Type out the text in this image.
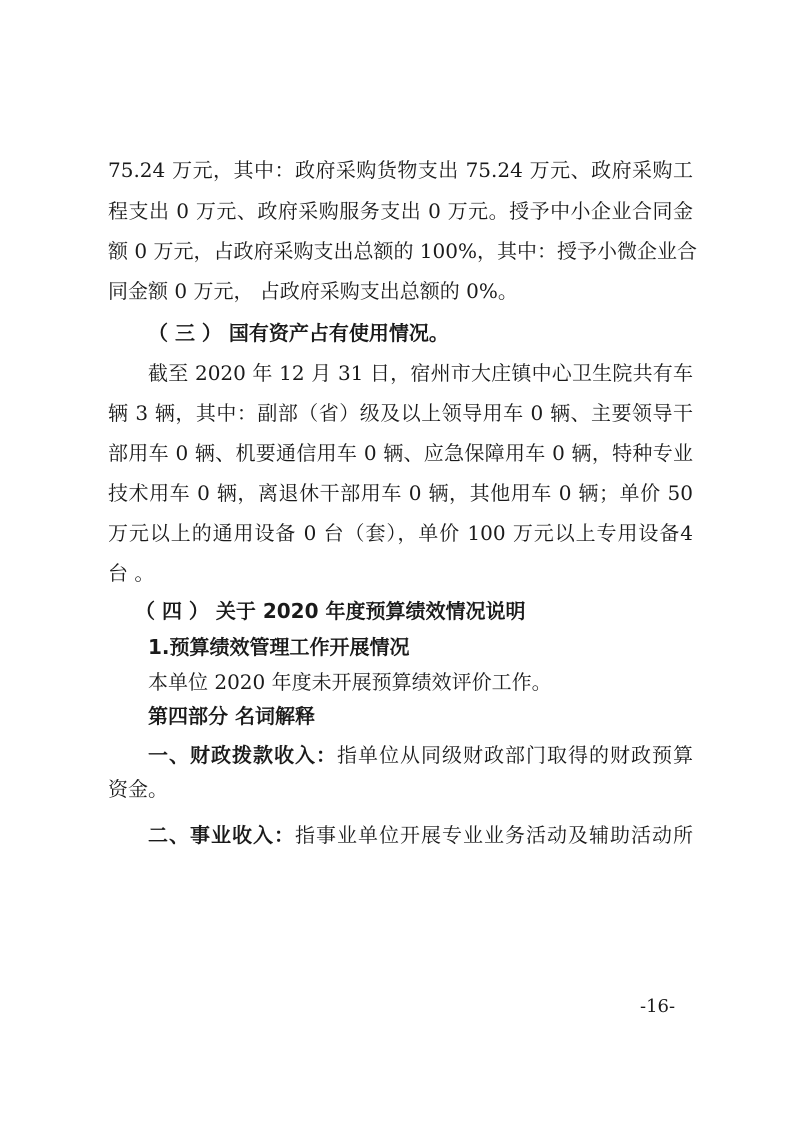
75.24 万元，其中：政府采购货物支出 75.24 万元、政府采购工
程支出 0 万元、政府采购服务支出 0 万元。授予中小企业合同金
额 0 万元，占政府采购支出总额的 100%，其中：授予小微企业合
同金额 0 万元， 占政府采购支出总额的 0%。
（ 三 ） 国有资产占有使用情况。
截至 2020 年 12 月 31 日，宿州市大庄镇中心卫生院共有车
辆 3 辆，其中：副部（省）级及以上领导用车 0 辆、主要领导干
部用车 0 辆、机要通信用车 0 辆、应急保障用车 0 辆，特种专业
技术用车 0 辆，离退休干部用车 0 辆，其他用车 0 辆；单价 50
万元以上的通用设备 0 台（套），单价 100 万元以上专用设备4
台 。
（ 四 ） 关于 2020 年度预算绩效情况说明
1.预算绩效管理工作开展情况
本单位 2020 年度未开展预算绩效评价工作。
第四部分 名词解释
一、财政拨款收入：指单位从同级财政部门取得的财政预算
资金。
二、事业收入：指事业单位开展专业业务活动及辅助活动所
-16-
